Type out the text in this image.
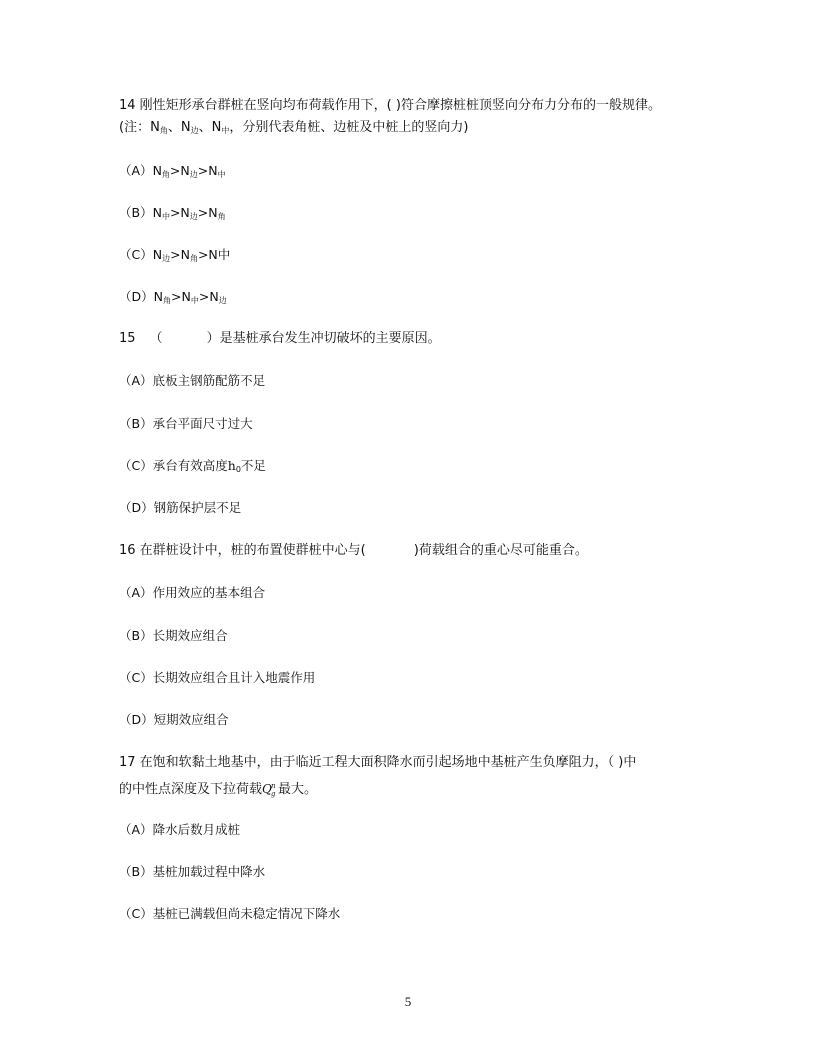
14 刚性矩形承台群桩在竖向均布荷载作用下，( )符合摩擦桩桩顶竖向分布力分布的一般规律。
(注：$N_角$、$N_边$、$N_中$，分别代表角桩、边桩及中桩上的竖向力)
$(A)N_角>N_边>N_中$
$(B)N_中>N_边>N_角$
$(C)N_边>N_角>N$中
$(D)N_角>N_中>N_边$
15 （	）是基桩承台发生冲切破坏的主要原因。
（A）底板主钢筋配筋不足
（B）承台平面尺寸过大
（C）承台有效高度$h_0$不足
（D）钢筋保护层不足
16 在群桩设计中，桩的布置使群桩中心与(	)荷载组合的重心尽可能重合。
（A）作用效应的基本组合
（B）长期效应组合
（C）长期效应组合且计入地震作用
（D）短期效应组合
17 在饱和软黏土地基中，由于临近工程大面积降水而引起场地中基桩产生负摩阻力，（ )中
的中性点深度及下拉荷载Q n
g 最大。
（A）降水后数月成桩
（B）基桩加载过程中降水
（C）基桩已满载但尚未稳定情况下降水
5
